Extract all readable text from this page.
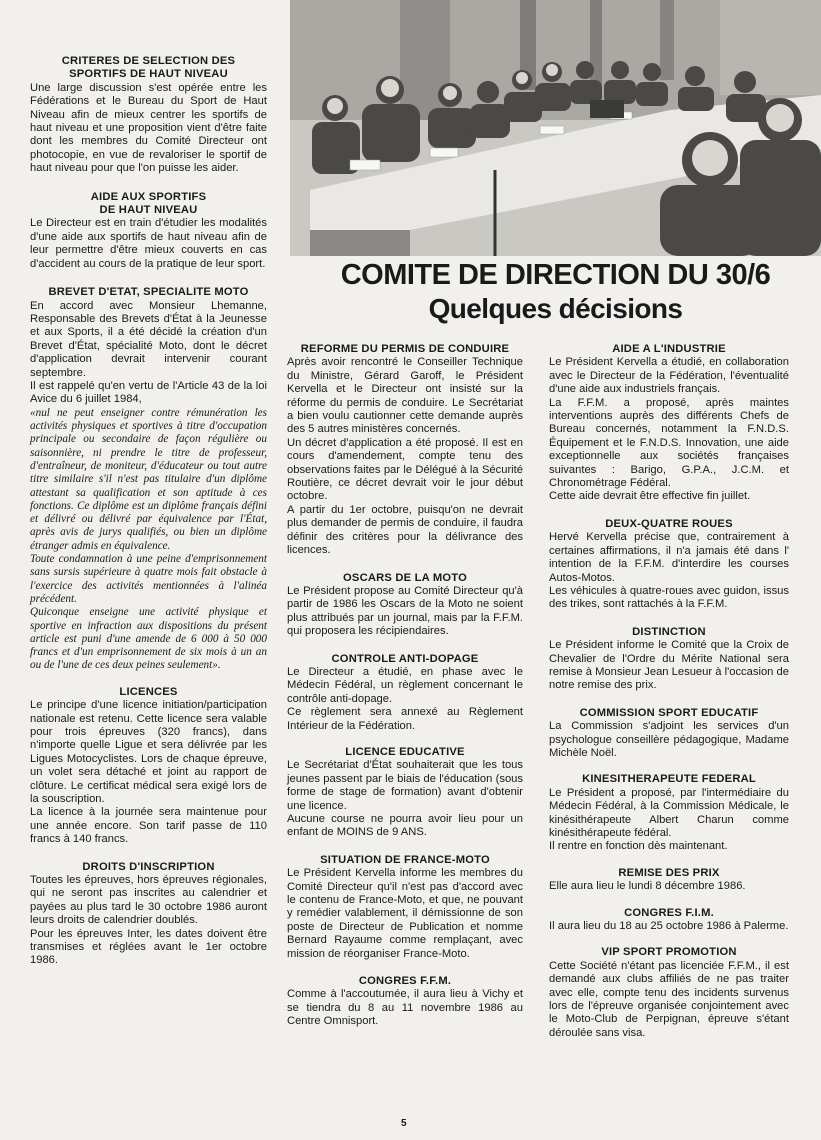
COMITE DE DIRECTION DU 30/6
Quelques décisions
CRITERES DE SELECTION DES
SPORTIFS DE HAUT NIVEAU

Une large discussion s'est opérée entre les Fédérations et le Bureau du Sport de Haut Niveau afin de mieux centrer les sportifs de haut niveau et une proposition vient d'être faite dont les membres du Comité Directeur ont photocopie, en vue de revaloriser le sportif de haut niveau pour que l'on puisse les aider.

AIDE AUX SPORTIFS
DE HAUT NIVEAU

Le Directeur est en train d'étudier les modalités d'une aide aux sportifs de haut niveau afin de leur permettre d'être mieux couverts en cas d'accident au cours de la pratique de leur sport.

BREVET D'ETAT, SPECIALITE MOTO

En accord avec Monsieur Lhemanne, Responsable des Brevets d'État à la Jeunesse et aux Sports, il a été décidé la création d'un Brevet d'État, spécialité Moto, dont le décret d'application devrait intervenir courant septembre.

Il est rappelé qu'en vertu de l'Article 43 de la loi Avice du 6 juillet 1984,

«nul ne peut enseigner contre rémunération les activités physiques et sportives à titre d'occupation principale ou secondaire de façon régulière ou saisonnière, ni prendre le titre de professeur, d'entraîneur, de moniteur, d'éducateur ou tout autre titre similaire s'il n'est pas titulaire d'un diplôme attestant sa qualification et son aptitude à ces fonctions. Ce diplôme est un diplôme français défini et délivré ou délivré par équivalence par l'État, après avis de jurys qualifiés, ou bien un diplôme étranger admis en équivalence.

Toute condamnation à une peine d'emprisonnement sans sursis supérieure à quatre mois fait obstacle à l'exercice des activités mentionnées à l'alinéa précédent.

Quiconque enseigne une activité physique et sportive en infraction aux dispositions du présent article est puni d'une amende de 6 000 à 50 000 francs et d'un emprisonnement de six mois à un an ou de l'une de ces deux peines seulement».

LICENCES

Le principe d'une licence initiation/participation nationale est retenu. Cette licence sera valable pour trois épreuves (320 francs), dans n'importe quelle Ligue et sera délivrée par les Ligues Motocyclistes. Lors de chaque épreuve, un volet sera détaché et joint au rapport de clôture. Le certificat médical sera exigé lors de la souscription.

La licence à la journée sera maintenue pour une année encore. Son tarif passe de 110 francs à 140 francs.

DROITS D'INSCRIPTION

Toutes les épreuves, hors épreuves régionales, qui ne seront pas inscrites au calendrier et payées au plus tard le 30 octobre 1986 auront leurs droits de calendrier doublés.

Pour les épreuves Inter, les dates doivent être transmises et réglées avant le 1er octobre 1986.

REFORME DU PERMIS DE CONDUIRE

Après avoir rencontré le Conseiller Technique du Ministre, Gérard Garoff, le Président Kervella et le Directeur ont insisté sur la réforme du permis de conduire. Le Secrétariat a bien voulu cautionner cette demande auprès des 5 autres ministères concernés.

Un décret d'application a été proposé. Il est en cours d'amendement, compte tenu des observations faites par le Délégué à la Sécurité Routière, ce décret devrait voir le jour début octobre.

A partir du 1er octobre, puisqu'on ne devrait plus demander de permis de conduire, il faudra définir des critères pour la délivrance des licences.

OSCARS DE LA MOTO

Le Président propose au Comité Directeur qu'à partir de 1986 les Oscars de la Moto ne soient plus attribués par un journal, mais par la F.F.M. qui proposera les récipiendaires.

CONTROLE ANTI-DOPAGE

Le Directeur a étudié, en phase avec le Médecin Fédéral, un règlement concernant le contrôle anti-dopage.

Ce règlement sera annexé au Règlement Intérieur de la Fédération.

LICENCE EDUCATIVE

Le Secrétariat d'État souhaiterait que les tous jeunes passent par le biais de l'éducation (sous forme de stage de formation) avant d'obtenir une licence.

Aucune course ne pourra avoir lieu pour un enfant de MOINS de 9 ANS.

SITUATION DE FRANCE-MOTO

Le Président Kervella informe les membres du Comité Directeur qu'il n'est pas d'accord avec le contenu de France-Moto, et que, ne pouvant y remédier valablement, il démissionne de son poste de Directeur de Publication et nomme Bernard Rayaume comme remplaçant, avec mission de réorganiser France-Moto.

CONGRES F.F.M.

Comme à l'accoutumée, il aura lieu à Vichy et se tiendra du 8 au 11 novembre 1986 au Centre Omnisport.

AIDE A L'INDUSTRIE

Le Président Kervella a étudié, en collaboration avec le Directeur de la Fédération, l'éventualité d'une aide aux industriels français.

La F.F.M. a proposé, après maintes interventions auprès des différents Chefs de Bureau concernés, notamment la F.N.D.S. Équipement et le F.N.D.S. Innovation, une aide exceptionnelle aux sociétés françaises suivantes : Barigo, G.P.A., J.C.M. et Chronométrage Fédéral.

Cette aide devrait être effective fin juillet.

DEUX-QUATRE ROUES

Hervé Kervella précise que, contrairement à certaines affirmations, il n'a jamais été dans l' intention de la F.F.M. d'interdire les courses Autos-Motos.

Les véhicules à quatre-roues avec guidon, issus des trikes, sont rattachés à la F.F.M.

DISTINCTION

Le Président informe le Comité que la Croix de Chevalier de l'Ordre du Mérite National sera remise à Monsieur Jean Lesueur à l'occasion de notre remise des prix.

COMMISSION SPORT EDUCATIF

La Commission s'adjoint les services d'un psychologue conseillère pédagogique, Madame Michèle Noël.

KINESITHERAPEUTE FEDERAL

Le Président a proposé, par l'intermédiaire du Médecin Fédéral, à la Commission Médicale, le kinésithérapeute Albert Charun comme kinésithérapeute fédéral.

Il rentre en fonction dès maintenant.

REMISE DES PRIX

Elle aura lieu le lundi 8 décembre 1986.

CONGRES F.I.M.

Il aura lieu du 18 au 25 octobre 1986 à Palerme.

VIP SPORT PROMOTION

Cette Société n'étant pas licenciée F.F.M., il est demandé aux clubs affiliés de ne pas traiter avec elle, compte tenu des incidents survenus lors de l'épreuve organisée conjointement avec le Moto-Club de Perpignan, épreuve s'étant déroulée sans visa.

5
